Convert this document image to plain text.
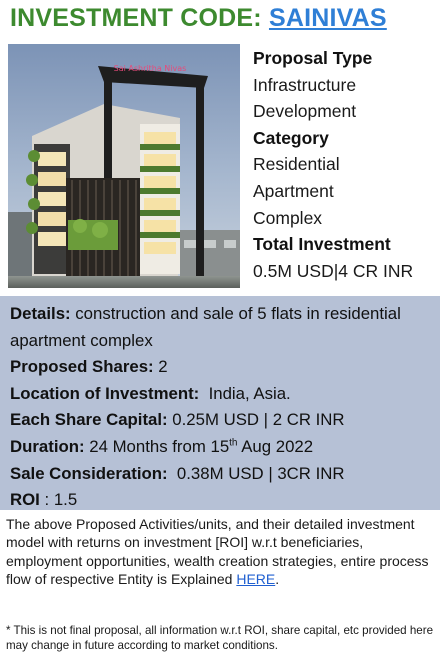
INVESTMENT CODE: SAINIVAS
Sai Ashritha Nivas
Proposal Type
Infrastructure
Development
Category
Residential
Apartment
Complex
Total Investment
0.5M USD|4 CR INR
Details: construction and sale of 5 flats in residential apartment complex
Proposed Shares: 2
Location of Investment:  India, Asia.
Each Share Capital: 0.25M USD | 2 CR INR
Duration: 24 Months from 15th Aug 2022
Sale Consideration:  0.38M USD | 3CR INR
ROI : 1.5
The above Proposed Activities/units, and their detailed investment model with returns on investment [ROI] w.r.t beneficiaries, employment opportunities, wealth creation strategies, entire process flow of respective Entity is Explained HERE.
* This is not final proposal, all information w.r.t ROI, share capital, etc provided here may change in future according to market conditions.
